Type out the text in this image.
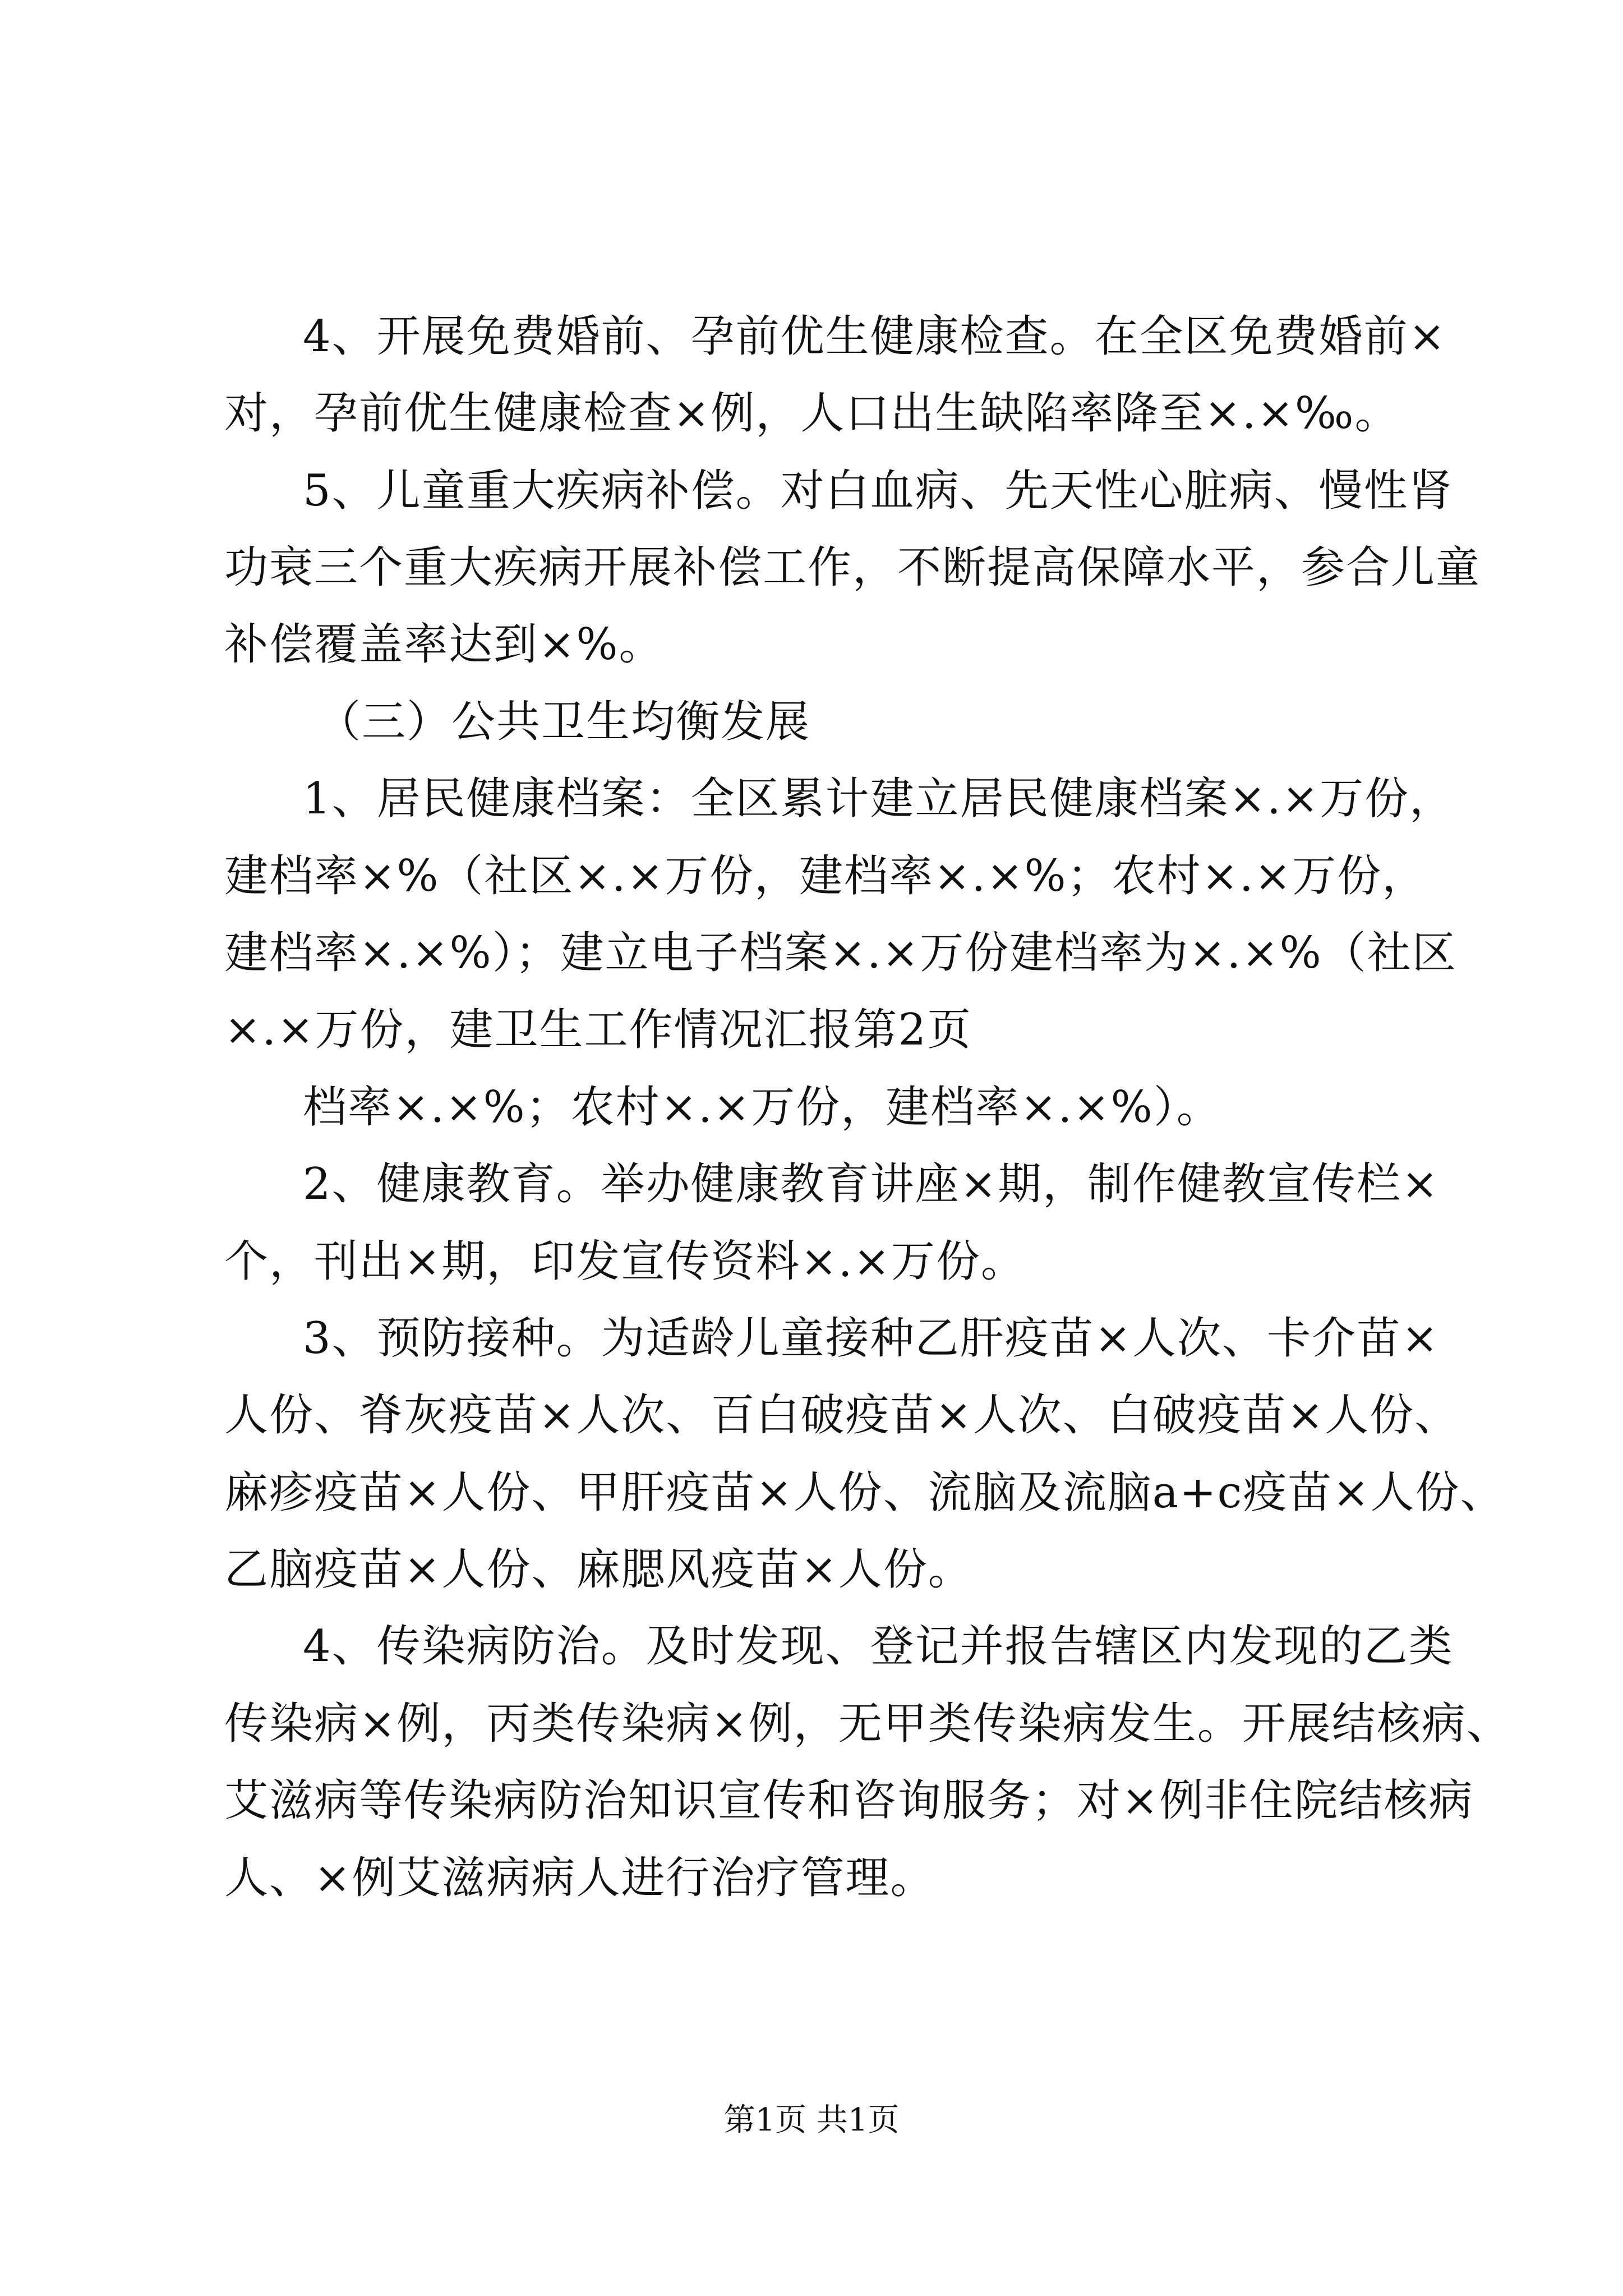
4、开展免费婚前、孕前优生健康检查。在全区免费婚前×
对，孕前优生健康检查×例，人口出生缺陷率降至×.×‰。
5、儿童重大疾病补偿。对白血病、先天性心脏病、慢性肾
功衰三个重大疾病开展补偿工作，不断提高保障水平，参合儿童
补偿覆盖率达到×%。
（三）公共卫生均衡发展
1、居民健康档案：全区累计建立居民健康档案×.×万份，
建档率×%（社区×.×万份，建档率×.×%；农村×.×万份，
建档率×.×%）；建立电子档案×.×万份建档率为×.×%（社区
×.×万份，建卫生工作情况汇报第2页
档率×.×%；农村×.×万份，建档率×.×%）。
2、健康教育。举办健康教育讲座×期，制作健教宣传栏×
个，刊出×期，印发宣传资料×.×万份。
3、预防接种。为适龄儿童接种乙肝疫苗×人次、卡介苗×
人份、脊灰疫苗×人次、百白破疫苗×人次、白破疫苗×人份、
麻疹疫苗×人份、甲肝疫苗×人份、流脑及流脑a+c疫苗×人份、
乙脑疫苗×人份、麻腮风疫苗×人份。
4、传染病防治。及时发现、登记并报告辖区内发现的乙类
传染病×例，丙类传染病×例，无甲类传染病发生。开展结核病、
艾滋病等传染病防治知识宣传和咨询服务；对×例非住院结核病
人、×例艾滋病病人进行治疗管理。
第1页 共1页
